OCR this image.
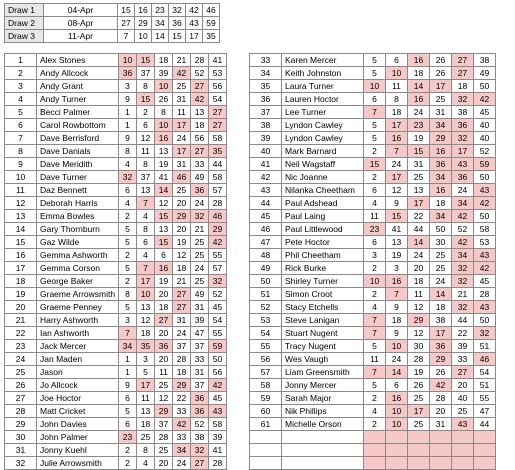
Draw 1	04-Apr	15	16	23	32	42	46
Draw 2	08-Apr	27	29	34	36	43	59
Draw 3	11-Apr	7	10	14	15	17	35
1	Alex Stones	10	15	18	21	28	41
2	Andy Allcock	36	37	39	42	52	53
3	Andy Grant	3	8	10	25	27	56
4	Andy Turner	9	15	26	31	42	54
5	Becci Palmer	1	2	8	11	13	27
6	Carol Rowbottom	1	6	10	17	18	27
7	Dave Berrisford	9	12	16	24	56	58
8	Dave Danials	8	11	13	17	27	35
9	Dave Meridith	4	8	19	31	33	44
10	Dave Turner	32	37	41	46	49	58
11	Daz Bennett	6	13	14	25	36	57
12	Deborah Harris	4	7	12	20	24	28
13	Emma Bowles	2	4	15	29	32	46
14	Gary Thornburn	5	8	13	20	21	29
15	Gaz Wilde	5	6	15	19	25	42
16	Gemma Ashworth	2	4	6	12	25	55
17	Gemma Corson	5	7	16	18	24	57
18	George Baker	2	17	19	21	25	32
19	Graeme Arrowsmith	8	10	20	27	49	52
20	Graeme Penney	5	13	18	27	31	45
21	Harry Ashworth	3	12	27	31	39	54
22	Ian Ashworth	7	18	20	24	47	55
23	Jack Mercer	34	35	36	37	37	59
24	Jan Maden	1	3	20	28	33	50
25	Jason	1	5	11	18	31	56
26	Jo Allcock	9	17	25	29	37	42
27	Joe Hoctor	6	11	12	22	36	45
28	Matt Cricket	5	13	29	33	36	43
29	John Davies	6	18	37	42	52	58
30	John Palmer	23	25	28	33	38	39
31	Jonny Kuehl	2	8	25	34	32	41
32	Julie Arrowsmith	2	4	20	24	27	28
33	Karen Mercer	5	6	16	26	27	38
34	Keith Johnston	5	10	18	26	27	49
35	Laura Turner	10	11	14	17	18	50
36	Lauren Hoctor	6	8	16	25	32	42
37	Lee Turner	7	18	24	31	38	45
38	Lyndon Cawley	5	17	23	34	36	40
39	Lyndon Cawley	5	16	19	29	32	40
40	Mark Barnard	2	7	15	16	17	52
41	Neil Wagstaff	15	24	31	36	43	59
42	Nic Joanne	2	17	25	34	36	50
43	Nilanka Cheetham	6	12	13	16	24	43
44	Paul Adshead	4	9	17	18	34	42
45	Paul Laing	11	15	22	34	42	50
46	Paul Littlewood	23	41	44	50	52	58
47	Pete Hoctor	6	13	14	30	42	53
48	Phil Cheetham	3	19	24	25	34	43
49	Rick Burke	2	3	20	25	32	42
50	Shirley Turner	10	16	18	24	32	45
51	Simon Croot	2	7	11	14	21	28
52	Stacy Etchells	4	9	12	18	32	43
53	Steve Lanigan	7	18	29	38	44	50
54	Stuart Nugent	7	9	12	17	22	32
55	Tracy Nugent	5	10	30	36	39	51
56	Wes Vaugh	11	24	28	29	33	46
57	Liam Greensmith	7	14	19	26	27	54
58	Jonny Mercer	5	6	26	42	20	51
59	Sarah Major	2	16	25	28	40	55
60	Nik Phillips	4	10	17	20	25	47
61	Michelle Orson	2	10	25	31	43	44
